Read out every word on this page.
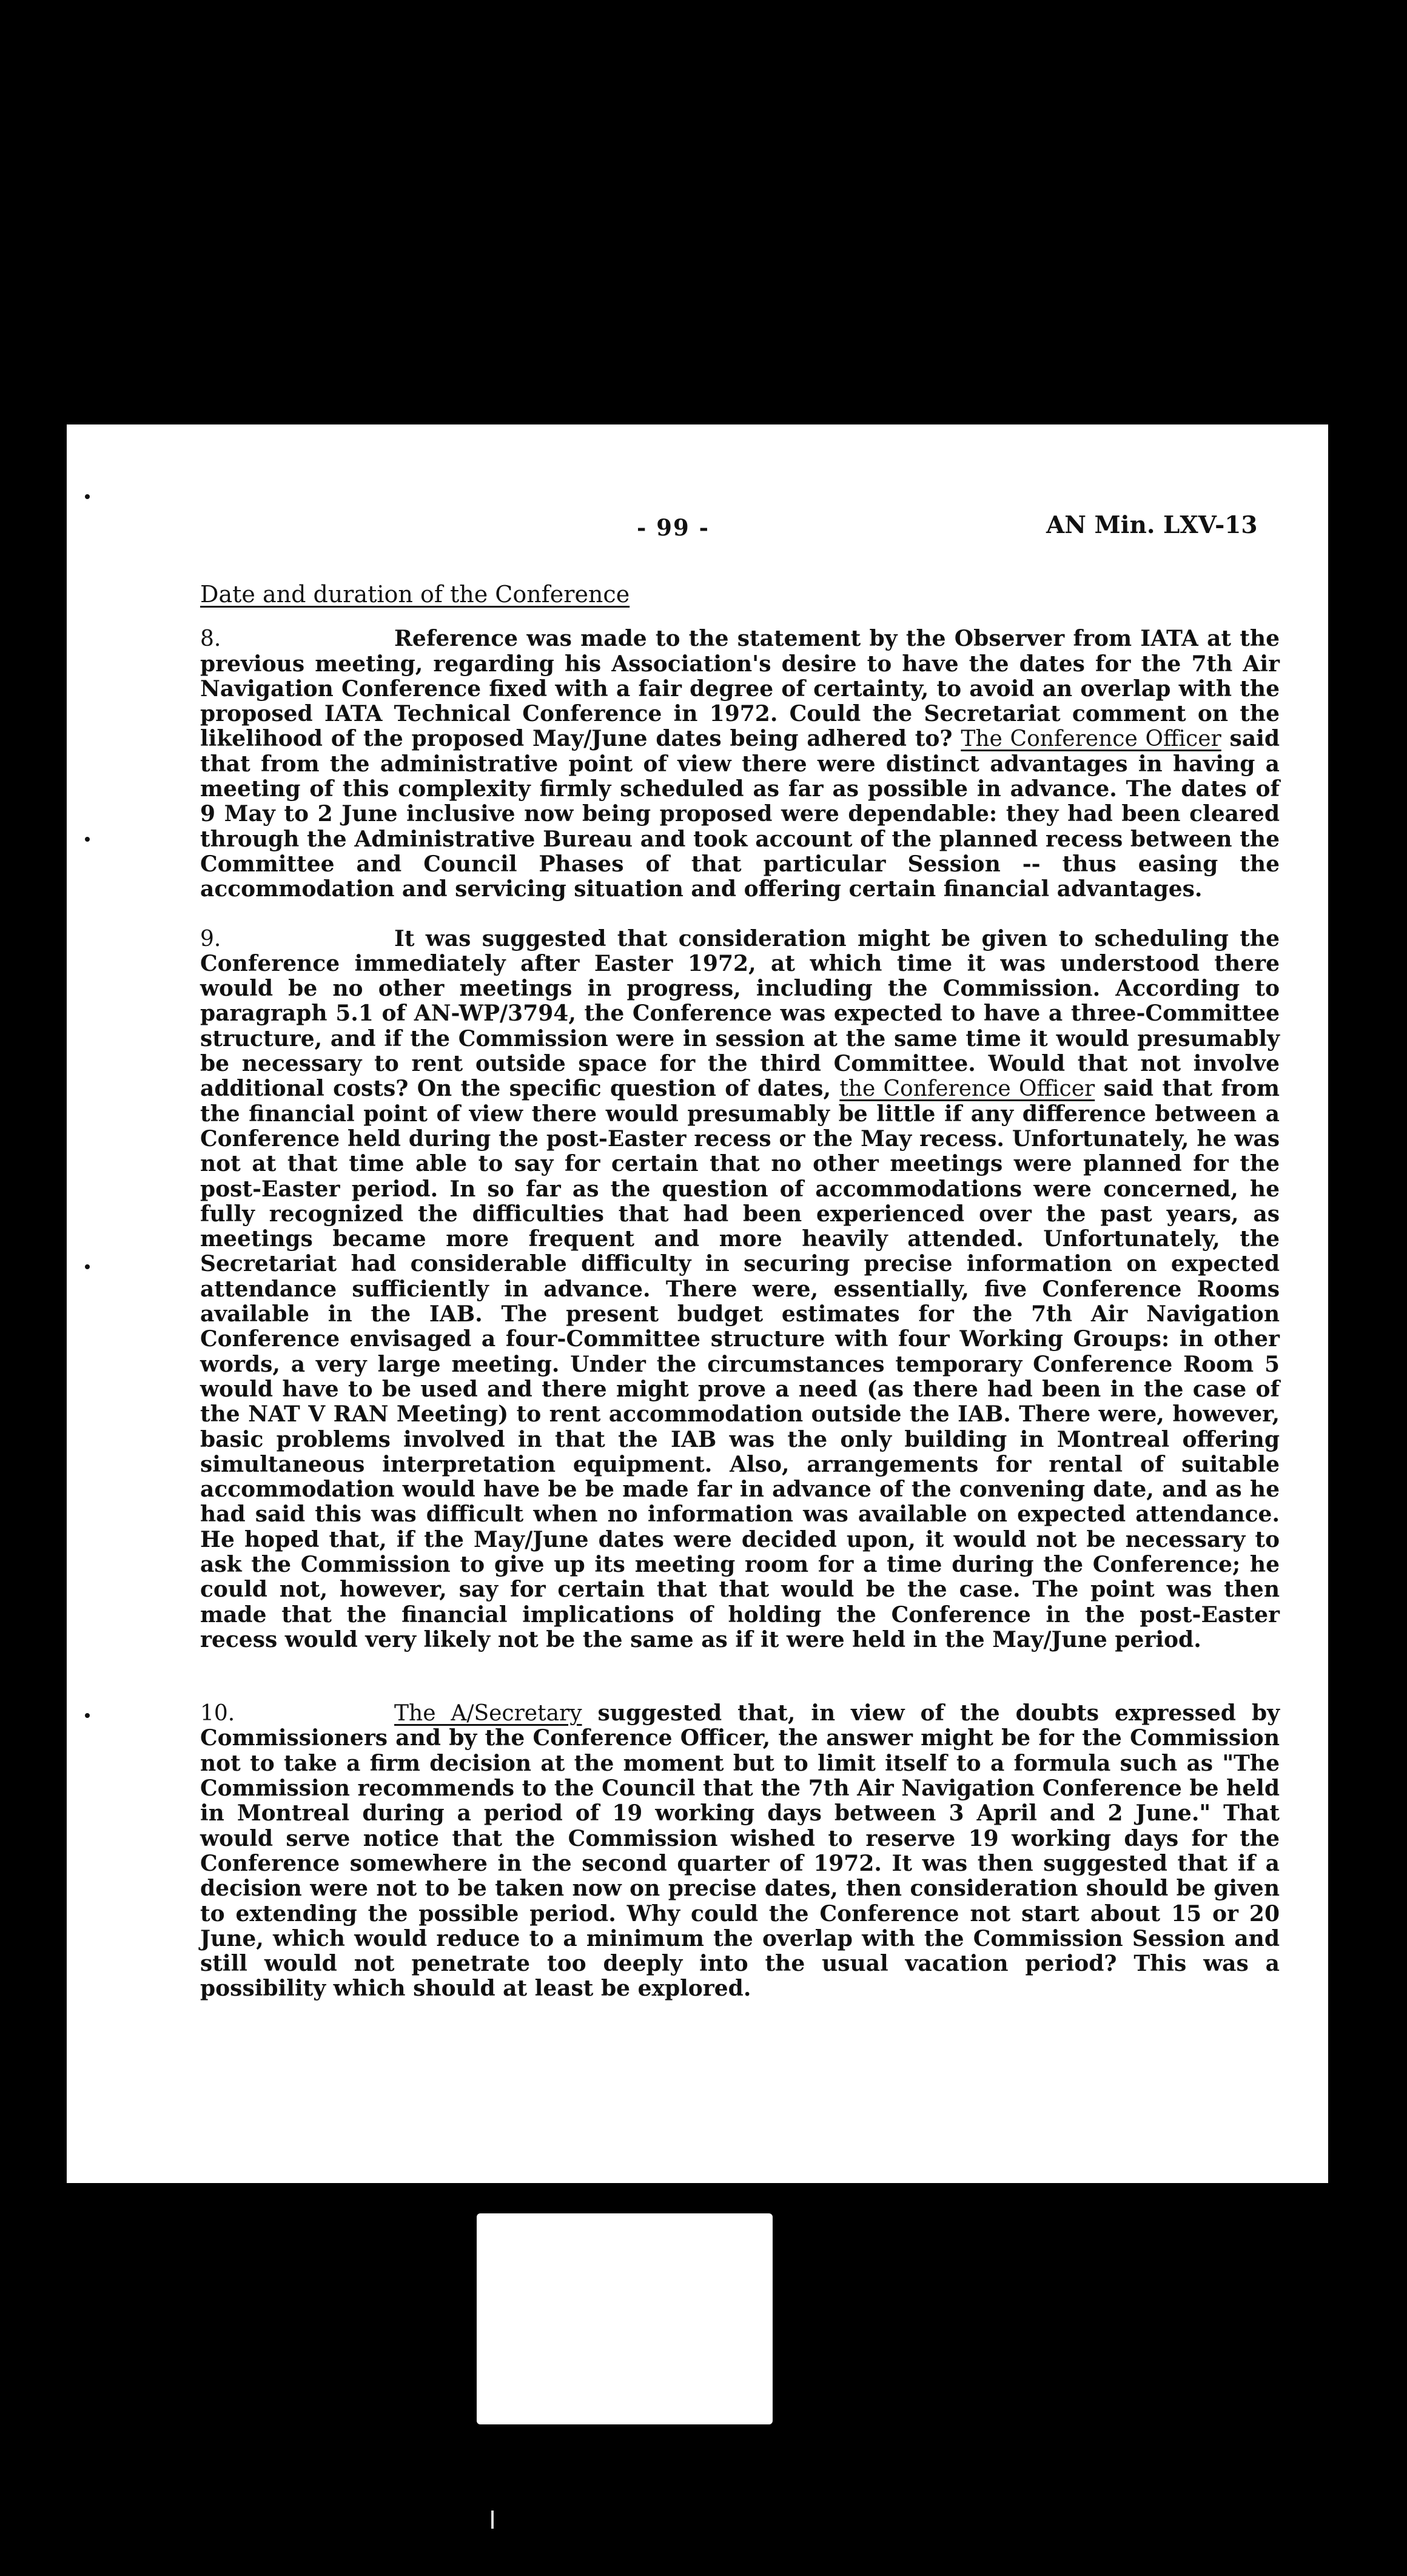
- 99 -	AN Min. LXV-13
Date and duration of the Conference
8.	Reference was made to the statement by the Observer from IATA at the previous meeting, regarding his Association's desire to have the dates for the 7th Air Navigation Conference fixed with a fair degree of certainty, to avoid an overlap with the proposed IATA Technical Conference in 1972. Could the Secretariat comment on the likelihood of the proposed May/June dates being adhered to? The Conference Officer said that from the administrative point of view there were distinct advantages in having a meeting of this complexity firmly scheduled as far as possible in advance. The dates of 9 May to 2 June inclusive now being proposed were dependable: they had been cleared through the Administrative Bureau and took account of the planned recess between the Committee and Council Phases of that particular Session -- thus easing the accommodation and servicing situation and offering certain financial advantages.
9.	It was suggested that consideration might be given to scheduling the Conference immediately after Easter 1972, at which time it was understood there would be no other meetings in progress, including the Commission. According to paragraph 5.1 of AN-WP/3794, the Conference was expected to have a three-Committee structure, and if the Commission were in session at the same time it would presumably be necessary to rent outside space for the third Committee. Would that not involve additional costs? On the specific question of dates, the Conference Officer said that from the financial point of view there would presumably be little if any difference between a Conference held during the post-Easter recess or the May recess. Unfortunately, he was not at that time able to say for certain that no other meetings were planned for the post-Easter period. In so far as the question of accommodations were concerned, he fully recognized the difficulties that had been experienced over the past years, as meetings became more frequent and more heavily attended. Unfortunately, the Secretariat had considerable difficulty in securing precise information on expected attendance sufficiently in advance. There were, essentially, five Conference Rooms available in the IAB. The present budget estimates for the 7th Air Navigation Conference envisaged a four-Committee structure with four Working Groups: in other words, a very large meeting. Under the circumstances temporary Conference Room 5 would have to be used and there might prove a need (as there had been in the case of the NAT V RAN Meeting) to rent accommodation outside the IAB. There were, however, basic problems involved in that the IAB was the only building in Montreal offering simultaneous interpretation equipment. Also, arrangements for rental of suitable accommodation would have be be made far in advance of the convening date, and as he had said this was difficult when no information was available on expected attendance. He hoped that, if the May/June dates were decided upon, it would not be necessary to ask the Commission to give up its meeting room for a time during the Conference; he could not, however, say for certain that that would be the case. The point was then made that the financial implications of holding the Conference in the post-Easter recess would very likely not be the same as if it were held in the May/June period.
10.	The A/Secretary suggested that, in view of the doubts expressed by Commissioners and by the Conference Officer, the answer might be for the Commission not to take a firm decision at the moment but to limit itself to a formula such as "The Commission recommends to the Council that the 7th Air Navigation Conference be held in Montreal during a period of 19 working days between 3 April and 2 June." That would serve notice that the Commission wished to reserve 19 working days for the Conference somewhere in the second quarter of 1972. It was then suggested that if a decision were not to be taken now on precise dates, then consideration should be given to extending the possible period. Why could the Conference not start about 15 or 20 June, which would reduce to a minimum the overlap with the Commission Session and still would not penetrate too deeply into the usual vacation period? This was a possibility which should at least be explored.
